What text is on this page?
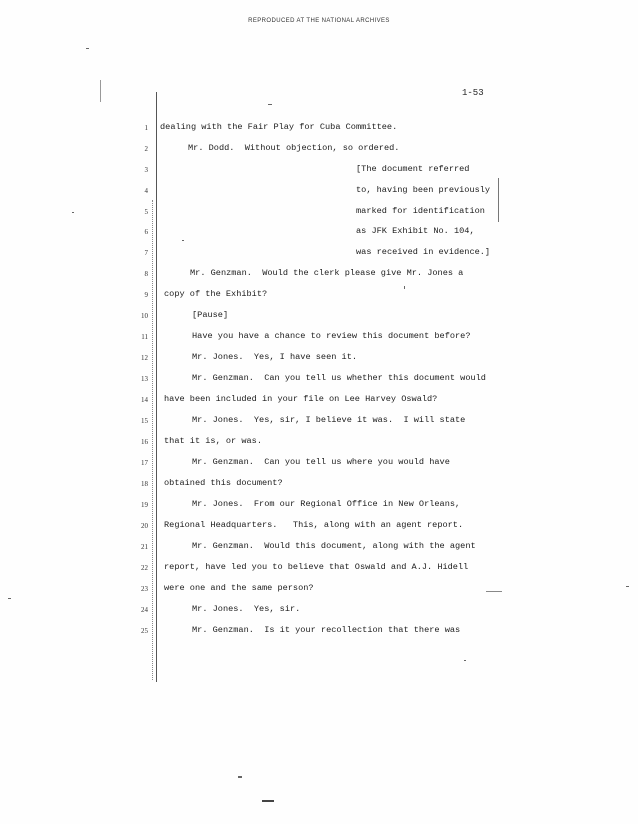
REPRODUCED AT THE NATIONAL ARCHIVES
1-53
1
2
3
4
5
6
7
8
9
10
11
12
13
14
15
16
17
18
19
20
21
22
23
24
25
dealing with the Fair Play for Cuba Committee.
Mr. Dodd.  Without objection, so ordered.
[The document referred
to, having been previously
marked for identification
as JFK Exhibit No. 104,
was received in evidence.]
Mr. Genzman.  Would the clerk please give Mr. Jones a
copy of the Exhibit?
[Pause]
Have you have a chance to review this document before?
Mr. Jones.  Yes, I have seen it.
Mr. Genzman.  Can you tell us whether this document would
have been included in your file on Lee Harvey Oswald?
Mr. Jones.  Yes, sir, I believe it was.  I will state
that it is, or was.
Mr. Genzman.  Can you tell us where you would have
obtained this document?
Mr. Jones.  From our Regional Office in New Orleans,
Regional Headquarters.   This, along with an agent report.
Mr. Genzman.  Would this document, along with the agent
report, have led you to believe that Oswald and A.J. Hidell
were one and the same person?
Mr. Jones.  Yes, sir.
Mr. Genzman.  Is it your recollection that there was
